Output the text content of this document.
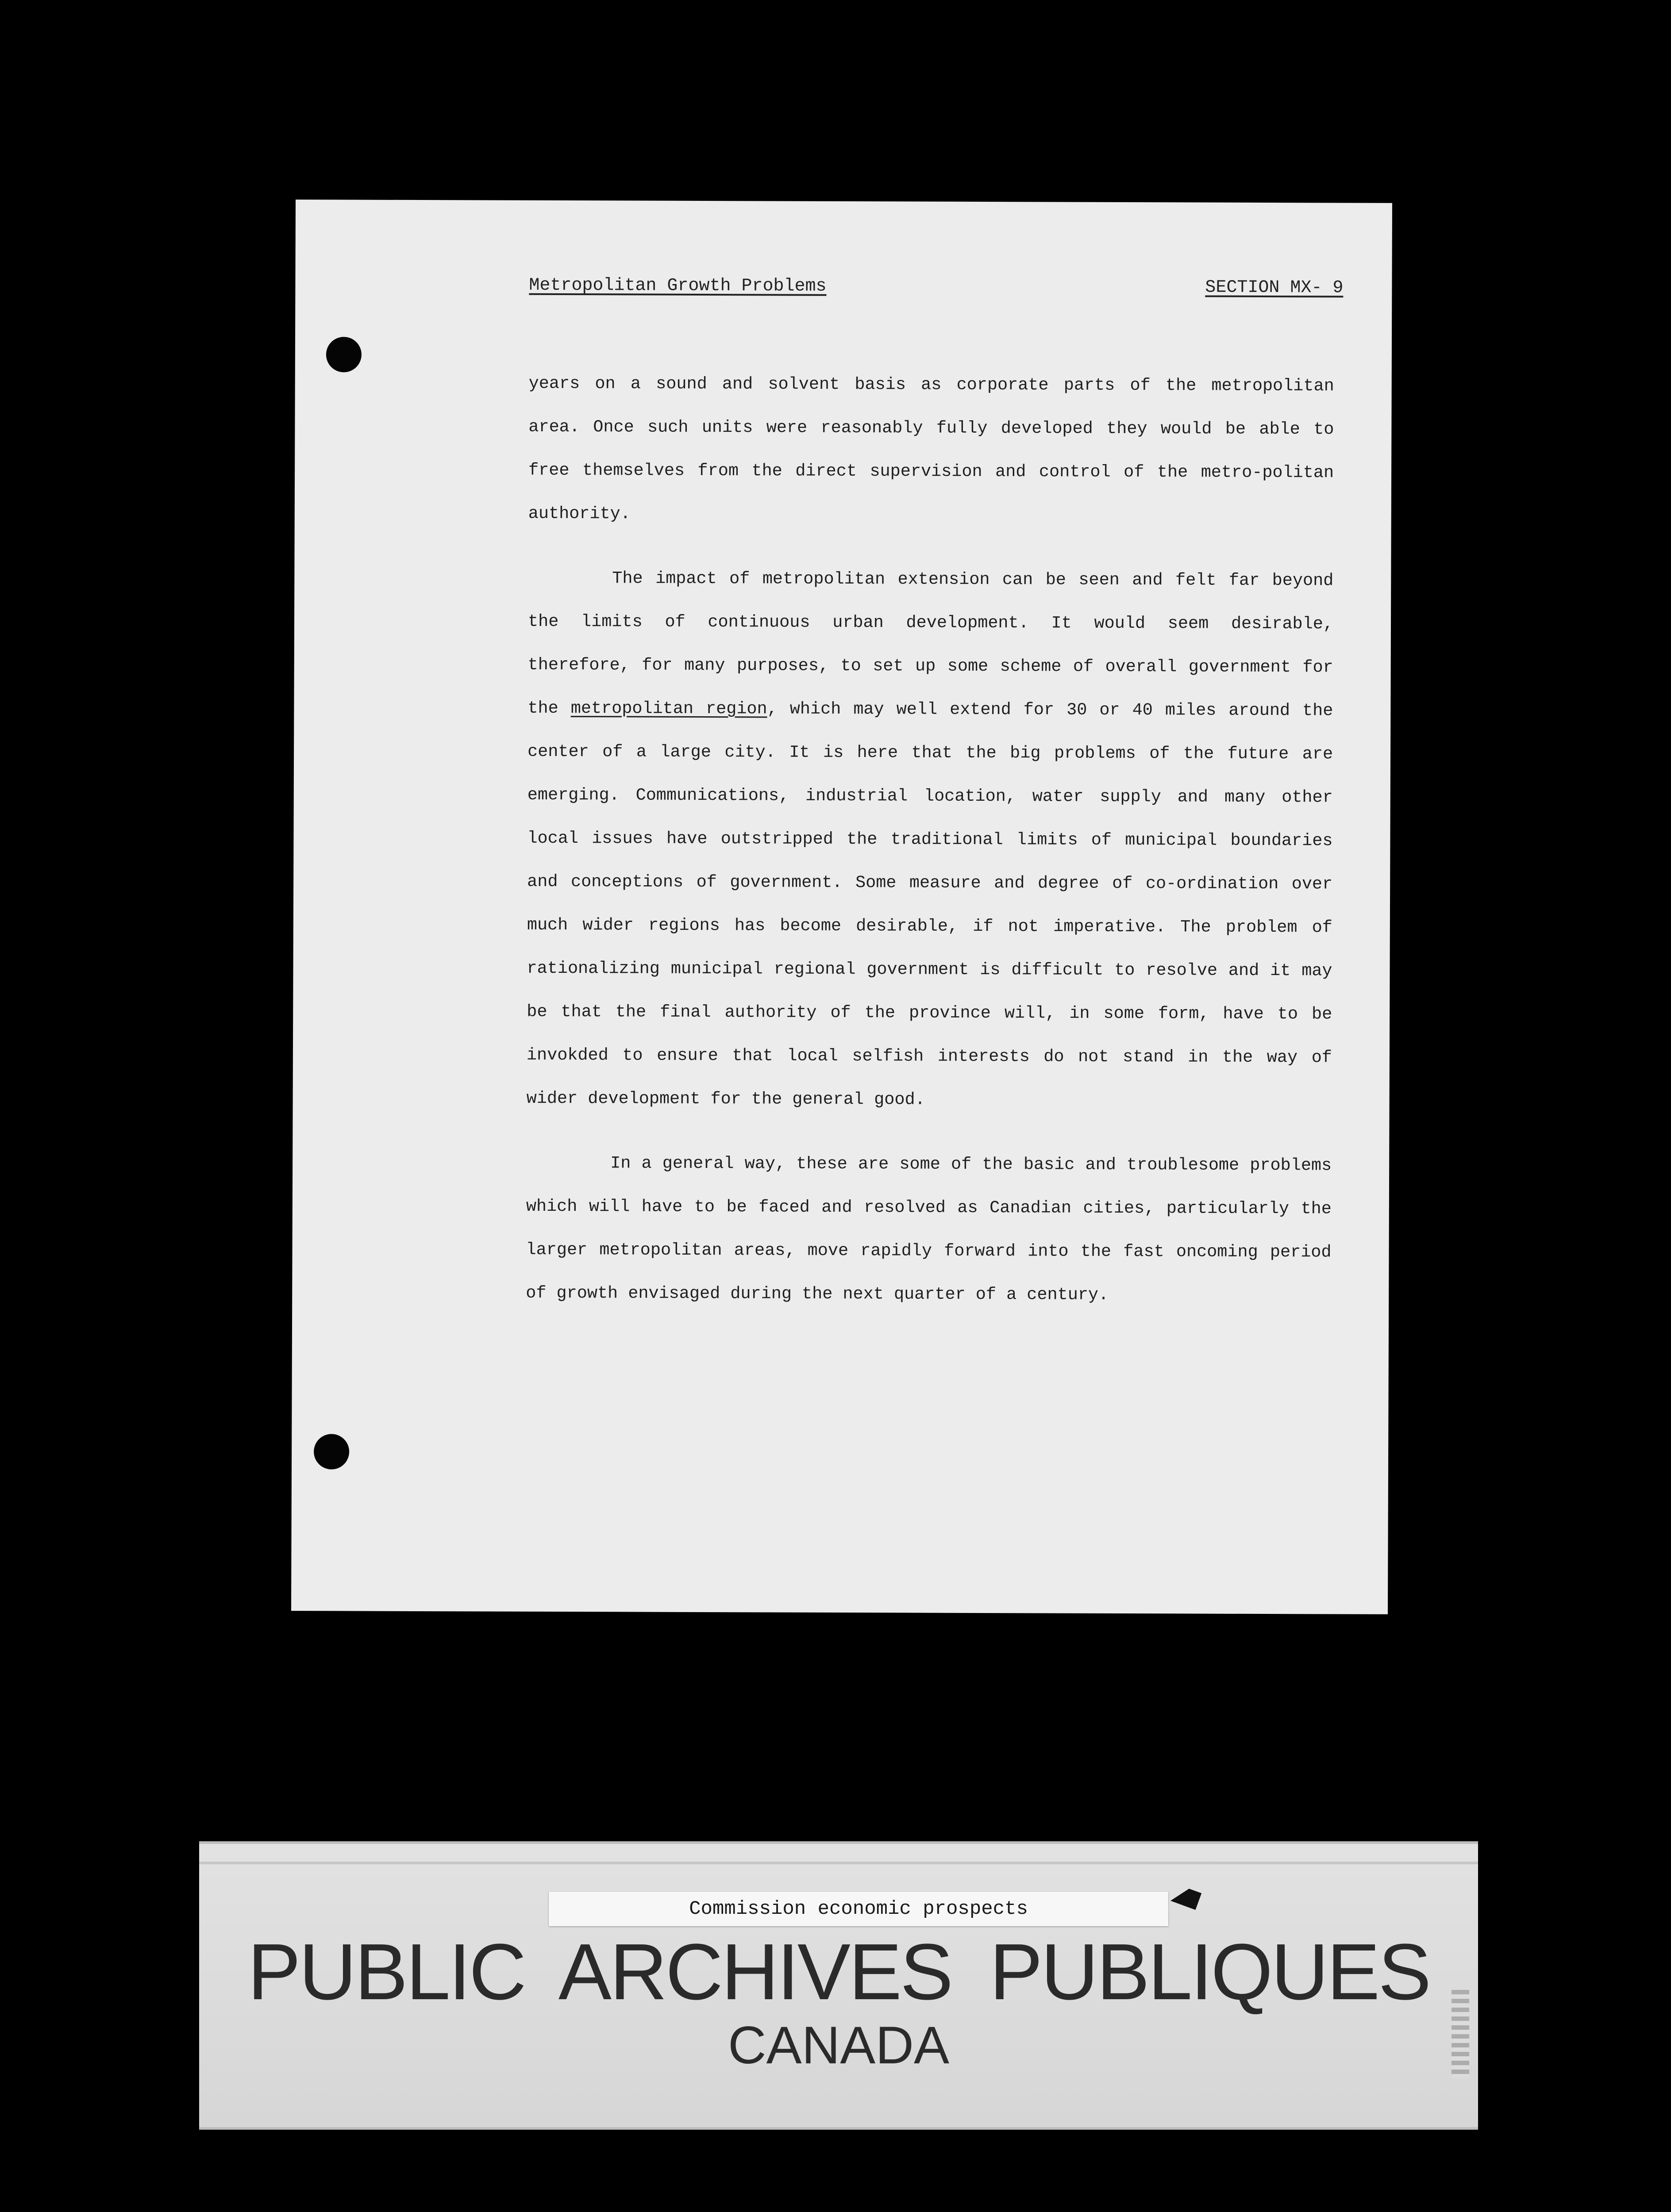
Metropolitan Growth Problems	SECTION MX- 9

years on a sound and solvent basis as corporate parts of the metropolitan area. Once such units were reasonably fully developed they would be able to free themselves from the direct supervision and control of the metro-politan authority.

The impact of metropolitan extension can be seen and felt far beyond the limits of continuous urban development. It would seem desirable, therefore, for many purposes, to set up some scheme of overall government for the metropolitan region, which may well extend for 30 or 40 miles around the center of a large city. It is here that the big problems of the future are emerging. Communications, industrial location, water supply and many other local issues have outstripped the traditional limits of municipal boundaries and conceptions of government. Some measure and degree of co-ordination over much wider regions has become desirable, if not imperative. The problem of rationalizing municipal regional government is difficult to resolve and it may be that the final authority of the province will, in some form, have to be invokded to ensure that local selfish interests do not stand in the way of wider development for the general good.

In a general way, these are some of the basic and troublesome problems which will have to be faced and resolved as Canadian cities, particularly the larger metropolitan areas, move rapidly forward into the fast oncoming period of growth envisaged during the next quarter of a century.

Commission economic prospects
PUBLIC ARCHIVES PUBLIQUES
CANADA
